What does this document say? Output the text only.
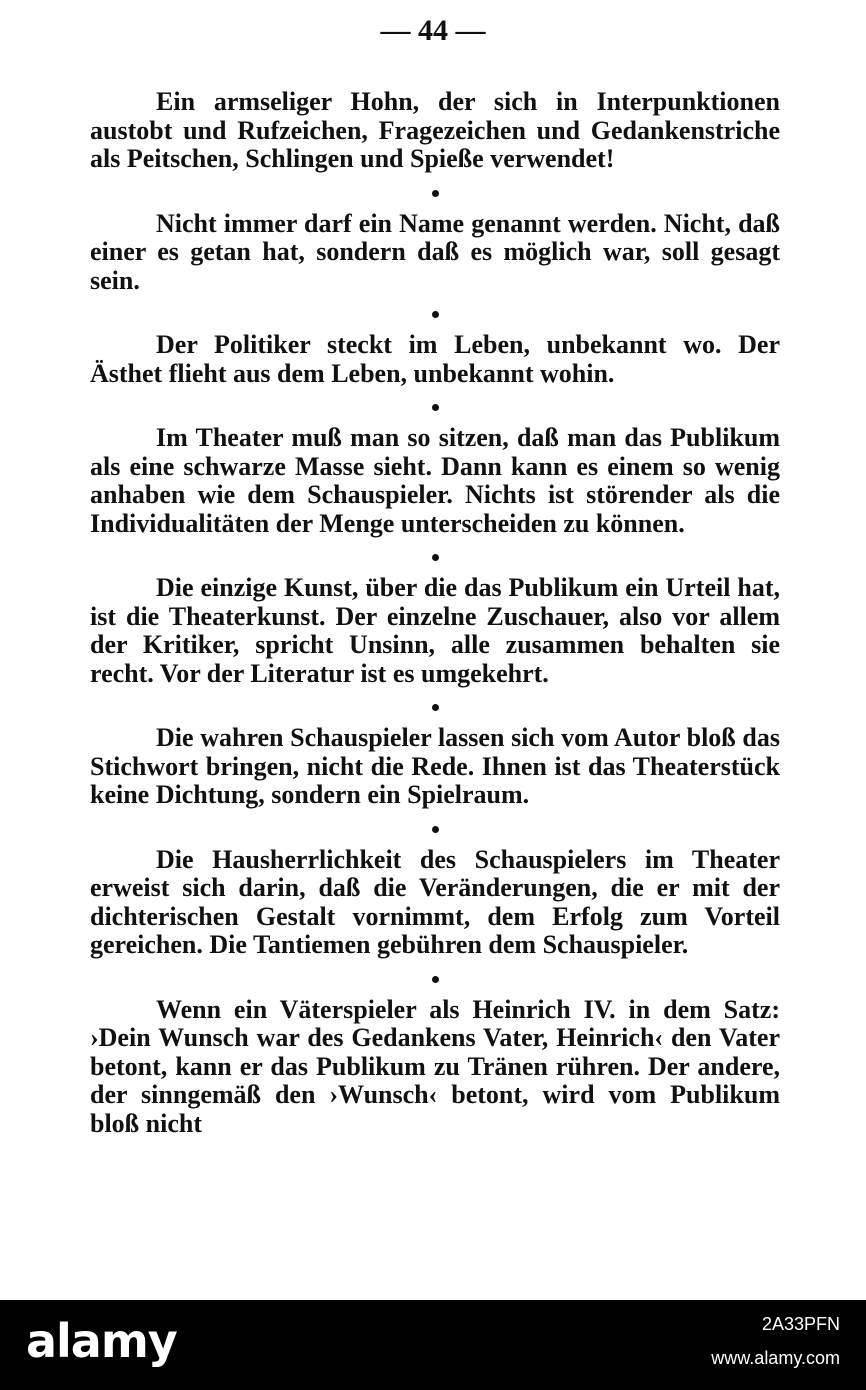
— 44 —

Ein armseliger Hohn, der sich in Interpunktionen austobt und Rufzeichen, Fragezeichen und Gedankenstriche als Peitschen, Schlingen und Spieße verwendet!

Nicht immer darf ein Name genannt werden. Nicht, daß einer es getan hat, sondern daß es möglich war, soll gesagt sein.

Der Politiker steckt im Leben, unbekannt wo. Der Ästhet flieht aus dem Leben, unbekannt wohin.

Im Theater muß man so sitzen, daß man das Publikum als eine schwarze Masse sieht. Dann kann es einem so wenig anhaben wie dem Schauspieler. Nichts ist störender als die Individualitäten der Menge unterscheiden zu können.

Die einzige Kunst, über die das Publikum ein Urteil hat, ist die Theaterkunst. Der einzelne Zuschauer, also vor allem der Kritiker, spricht Unsinn, alle zusammen behalten sie recht. Vor der Literatur ist es umgekehrt.

Die wahren Schauspieler lassen sich vom Autor bloß das Stichwort bringen, nicht die Rede. Ihnen ist das Theaterstück keine Dichtung, sondern ein Spielraum.

Die Hausherrlichkeit des Schauspielers im Theater erweist sich darin, daß die Veränderungen, die er mit der dichterischen Gestalt vornimmt, dem Erfolg zum Vorteil gereichen. Die Tantiemen gebühren dem Schauspieler.

Wenn ein Väterspieler als Heinrich IV. in dem Satz: ›Dein Wunsch war des Gedankens Vater, Heinrich‹ den Vater betont, kann er das Publikum zu Tränen rühren. Der andere, der sinngemäß den ›Wunsch‹ betont, wird vom Publikum bloß nicht

alamy	2A33PFN
www.alamy.com
